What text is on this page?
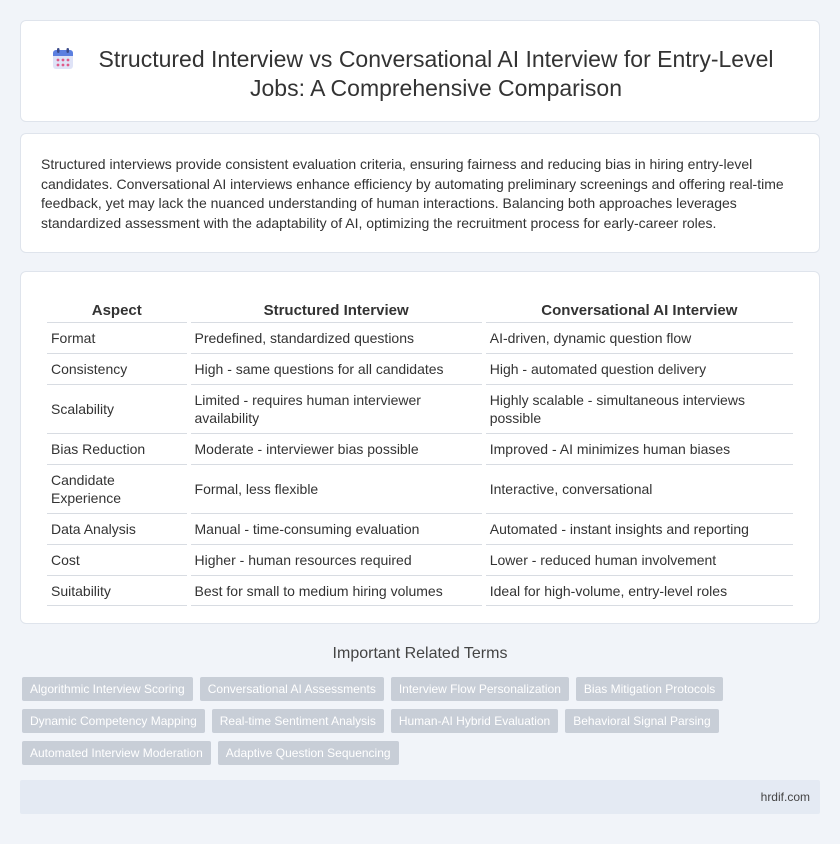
Structured Interview vs Conversational AI Interview for Entry-Level Jobs: A Comprehensive Comparison

Structured interviews provide consistent evaluation criteria, ensuring fairness and reducing bias in hiring entry-level candidates. Conversational AI interviews enhance efficiency by automating preliminary screenings and offering real-time feedback, yet may lack the nuanced understanding of human interactions. Balancing both approaches leverages standardized assessment with the adaptability of AI, optimizing the recruitment process for early-career roles.

Aspect	Structured Interview	Conversational AI Interview
Format	Predefined, standardized questions	AI-driven, dynamic question flow
Consistency	High - same questions for all candidates	High - automated question delivery
Scalability	Limited - requires human interviewer availability	Highly scalable - simultaneous interviews possible
Bias Reduction	Moderate - interviewer bias possible	Improved - AI minimizes human biases
Candidate Experience	Formal, less flexible	Interactive, conversational
Data Analysis	Manual - time-consuming evaluation	Automated - instant insights and reporting
Cost	Higher - human resources required	Lower - reduced human involvement
Suitability	Best for small to medium hiring volumes	Ideal for high-volume, entry-level roles
Important Related Terms
Algorithmic Interview Scoring	Conversational AI Assessments	Interview Flow Personalization	Bias Mitigation Protocols
Dynamic Competency Mapping	Real-time Sentiment Analysis	Human-AI Hybrid Evaluation	Behavioral Signal Parsing
Automated Interview Moderation	Adaptive Question Sequencing
hrdif.com
